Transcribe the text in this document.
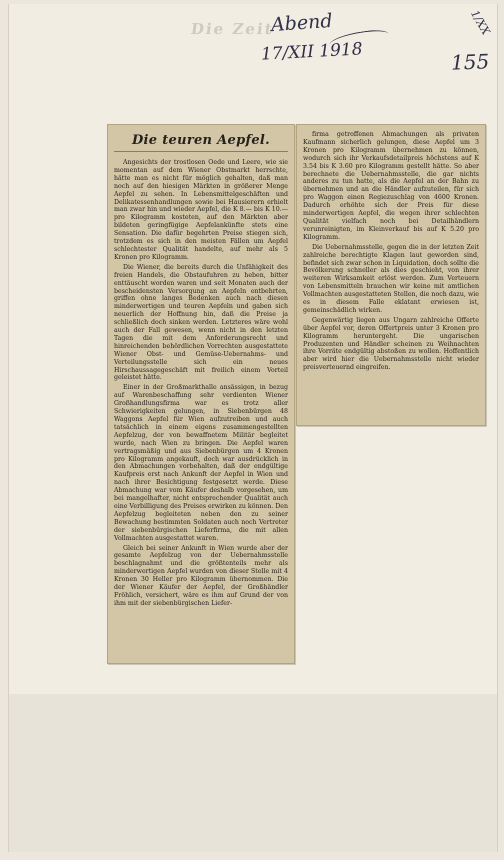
Die Zeit
Abend
17/XII 1918	155
1/XX
Die teuren Aepfel.

Angesichts der trostlosen Oede und Leere, wie sie momentan auf dem Wiener Obstmarkt herrschte, hätte man es nicht für möglich gehalten, daß man noch auf den hiesigen Märkten in größerer Menge Aepfel zu sehen. In Lebensmittelgeschäften und Delikatessenhandlungen sowie bei Hausierern erhielt man zwar hin und wieder Aepfel, die K 8.— bis K 10.— pro Kilogramm kosteten, auf den Märkten aber bildeten geringfügige Aepfelankünfte stets eine Sensation. Die dafür begehrten Preise stiegen sich, trotzdem es sich in den meisten Fällen um Aepfel schlechtester Qualität handelte, auf mehr als 5 Kronen pro Kilogramm.

Die Wiener, die bereits durch die Unfähigkeit des freien Handels, die Obstaufuhren zu heben, bitter enttäuscht worden waren und seit Monaten auch der bescheidensten Versorgung an Aepfeln entbehrten, griffen ohne langes Bedenken auch nach diesen minderwertigen und teuren Aepfeln und gaben sich neuerlich der Hoffnung hin, daß die Preise ja schließlich doch sinken werden. Letzteres wäre wohl auch der Fall gewesen, wenn nicht in den letzten Tagen die mit dem Anforderungsrecht und hinreichenden behördlichen Vorrechten ausgestattete Wiener Obst- und Gemüse-Uebernahms- und Verteilungsstelle sich ein neues Hirschaussagegeschäft mit freilich einem Vorteil geleistet hätte.

Einer in der Großmarkthalle ansässigen, in bezug auf Warenbeschaffung sehr verdienten Wiener Großhandlungsfirma war es trotz aller Schwierigkeiten gelungen, in Siebenbürgen 48 Waggons Aepfel für Wien aufzutreiben und auch tatsächlich in einem eigens zusammengestellten Aepfelzug, der von bewaffnetem Militär begleitet wurde, nach Wien zu bringen. Die Aepfel waren vertragsmäßig und aus Siebenbürgen um 4 Kronen pro Kilogramm angekauft, doch war ausdrücklich in den Abmachungen vorbehalten, daß der endgültige Kaufpreis erst nach Ankunft der Aepfel in Wien und nach ihrer Besichtigung festgesetzt werde. Diese Abmachung war vom Käufer deshalb vorgesehen, um bei mangelhafter, nicht entsprechender Qualität auch eine Verbilligung des Preises erwirken zu können. Den Aepfelzug begleiteten neben den zu seiner Bewachung bestimmten Soldaten auch noch Vertreter der siebenbürgischen Lieferfirma, die mit allen Vollmachten ausgestattet waren.

Gleich bei seiner Ankunft in Wien wurde aber der gesamte Aepfelzug von der Uebernahmsstelle beschlagnahmt und die größtenteils mehr als minderwertigen Aepfel wurden von dieser Stelle mit 4 Kronen 30 Heller pro Kilogramm übernommen. Die der Wiener Käufer der Aepfel, der Großhändler Fröhlich, versichert, wäre es ihm auf Grund der von ihm mit der siebenbürgischen Liefer-

firma getroffenen Abmachungen als privaten Kaufmann sicherlich gelungen, diese Aepfel um 3 Kronen pro Kilogramm übernehmen zu können, wodurch sich ihr Verkaufsdetailpreis höchstens auf K 3.54 bis K 3.60 pro Kilogramm gestellt hätte. So aber berechnete die Uebernahmsstelle, die gar nichts anderes zu tun hatte, als die Aepfel an der Bahn zu übernehmen und an die Händler aufzuteilen, für sich pro Waggon einen Regiezuschlag von 4600 Kronen. Dadurch erhöhte sich der Preis für diese minderwertigen Aepfel, die wegen ihrer schlechten Qualität vielfach noch bei Detailhändlern verunreinigten, im Kleinverkauf bis auf K 5.20 pro Kilogramm.

Die Uebernahmsstelle, gegen die in der letzten Zeit zahlreiche berechtigte Klagen laut geworden sind, befindet sich zwar schon in Liquidation, doch sollte die Bevölkerung schneller als dies geschieht, von ihrer weiteren Wirksamkeit erlöst werden. Zum Verteuern von Lebensmitteln brauchen wir keine mit amtlichen Vollmachten ausgestatteten Stellen, die noch dazu, wie es in diesem Falle eklatant erwiesen ist, gemeinschädlich wirken.

Gegenwärtig liegen aus Ungarn zahlreiche Offerte über Aepfel vor, deren Offertpreis unter 3 Kronen pro Kilogramm heruntergeht. Die ungarischen Produzenten und Händler scheinen zu Weihnachten ihre Vorräte endgültig abstoßen zu wollen. Hoffentlich aber wird hier die Uebernahmsstelle nicht wieder preisverteuernd eingreifen.
